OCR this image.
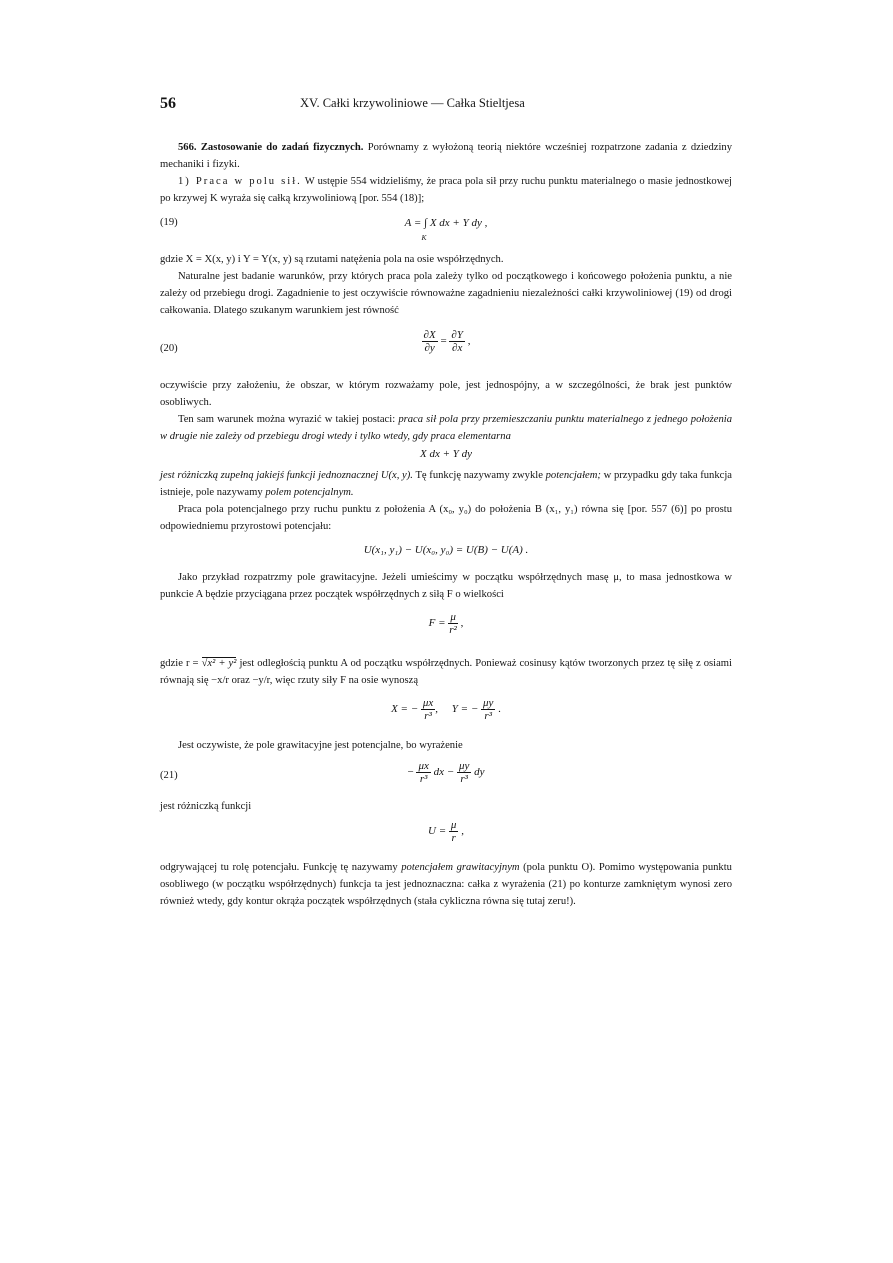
56	XV. Całki krzywoliniowe — Całka Stieltjesa

566. Zastosowanie do zadań fizycznych. Porównamy z wyłożoną teorią niektóre wcześniej rozpatrzone zadania z dziedziny mechaniki i fizyki.

1) Praca w polu sił. W ustępie 554 widzieliśmy, że praca pola sił przy ruchu punktu materialnego o masie jednostkowej po krzywej K wyraża się całką krzywoliniową [por. 554 (18)];

(19)	A = ∫ X dx + Y dy ,
K

gdzie X = X(x, y) i Y = Y(x, y) są rzutami natężenia pola na osie współrzędnych.

Naturalne jest badanie warunków, przy których praca pola zależy tylko od początkowego i końcowego położenia punktu, a nie zależy od przebiegu drogi. Zagadnienie to jest oczywiście równoważne zagadnieniu niezależności całki krzywoliniowej (19) od drogi całkowania. Dlatego szukanym warunkiem jest równość

(20)	$\frac{\partial X}{\partial y} = \frac{\partial Y}{\partial x}$ ,

oczywiście przy założeniu, że obszar, w którym rozważamy pole, jest jednospójny, a w szczególności, że brak jest punktów osobliwych.

Ten sam warunek można wyrazić w takiej postaci: praca sił pola przy przemieszczaniu punktu materialnego z jednego położenia w drugie nie zależy od przebiegu drogi wtedy i tylko wtedy, gdy praca elementarna

X dx + Y dy

jest różniczką zupełną jakiejś funkcji jednoznacznej U(x, y). Tę funkcję nazywamy zwykle potencjałem; w przypadku gdy taka funkcja istnieje, pole nazywamy polem potencjalnym.

Praca pola potencjalnego przy ruchu punktu z położenia A (x₀, y₀) do położenia B (x₁, y₁) równa się [por. 557 (6)] po prostu odpowiedniemu przyrostowi potencjału:

U(x₁, y₁) − U(x₀, y₀) = U(B) − U(A) .

Jako przykład rozpatrzmy pole grawitacyjne. Jeżeli umieścimy w początku współrzędnych masę μ, to masa jednostkowa w punkcie A będzie przyciągana przez początek współrzędnych z siłą F o wielkości

$F = \frac{\mu}{\text{r²}}$ ,

gdzie r = √x² + y² jest odległością punktu A od początku współrzędnych. Ponieważ cosinusy kątów tworzonych przez tę siłę z osiami równają się −x/r oraz −y/r, więc rzuty siły F na osie wynoszą

X = − $\frac{\mu x}{\text{r³}}$ ,     Y = − $\frac{\mu y}{\text{r³}}$ .

Jest oczywiste, że pole grawitacyjne jest potencjalne, bo wyrażenie

(21)	− $\frac{\mu x}{\text{r³}}$ dx − $\frac{\mu y}{\text{r³}}$ dy

jest różniczką funkcji

$U = \frac{\mu}{r}$ ,

odgrywającej tu rolę potencjału. Funkcję tę nazywamy potencjałem grawitacyjnym (pola punktu O). Pomimo występowania punktu osobliwego (w początku współrzędnych) funkcja ta jest jednoznaczna: całka z wyrażenia (21) po konturze zamkniętym wynosi zero również wtedy, gdy kontur okrąża początek współrzędnych (stała cykliczna równa się tutaj zeru!).
